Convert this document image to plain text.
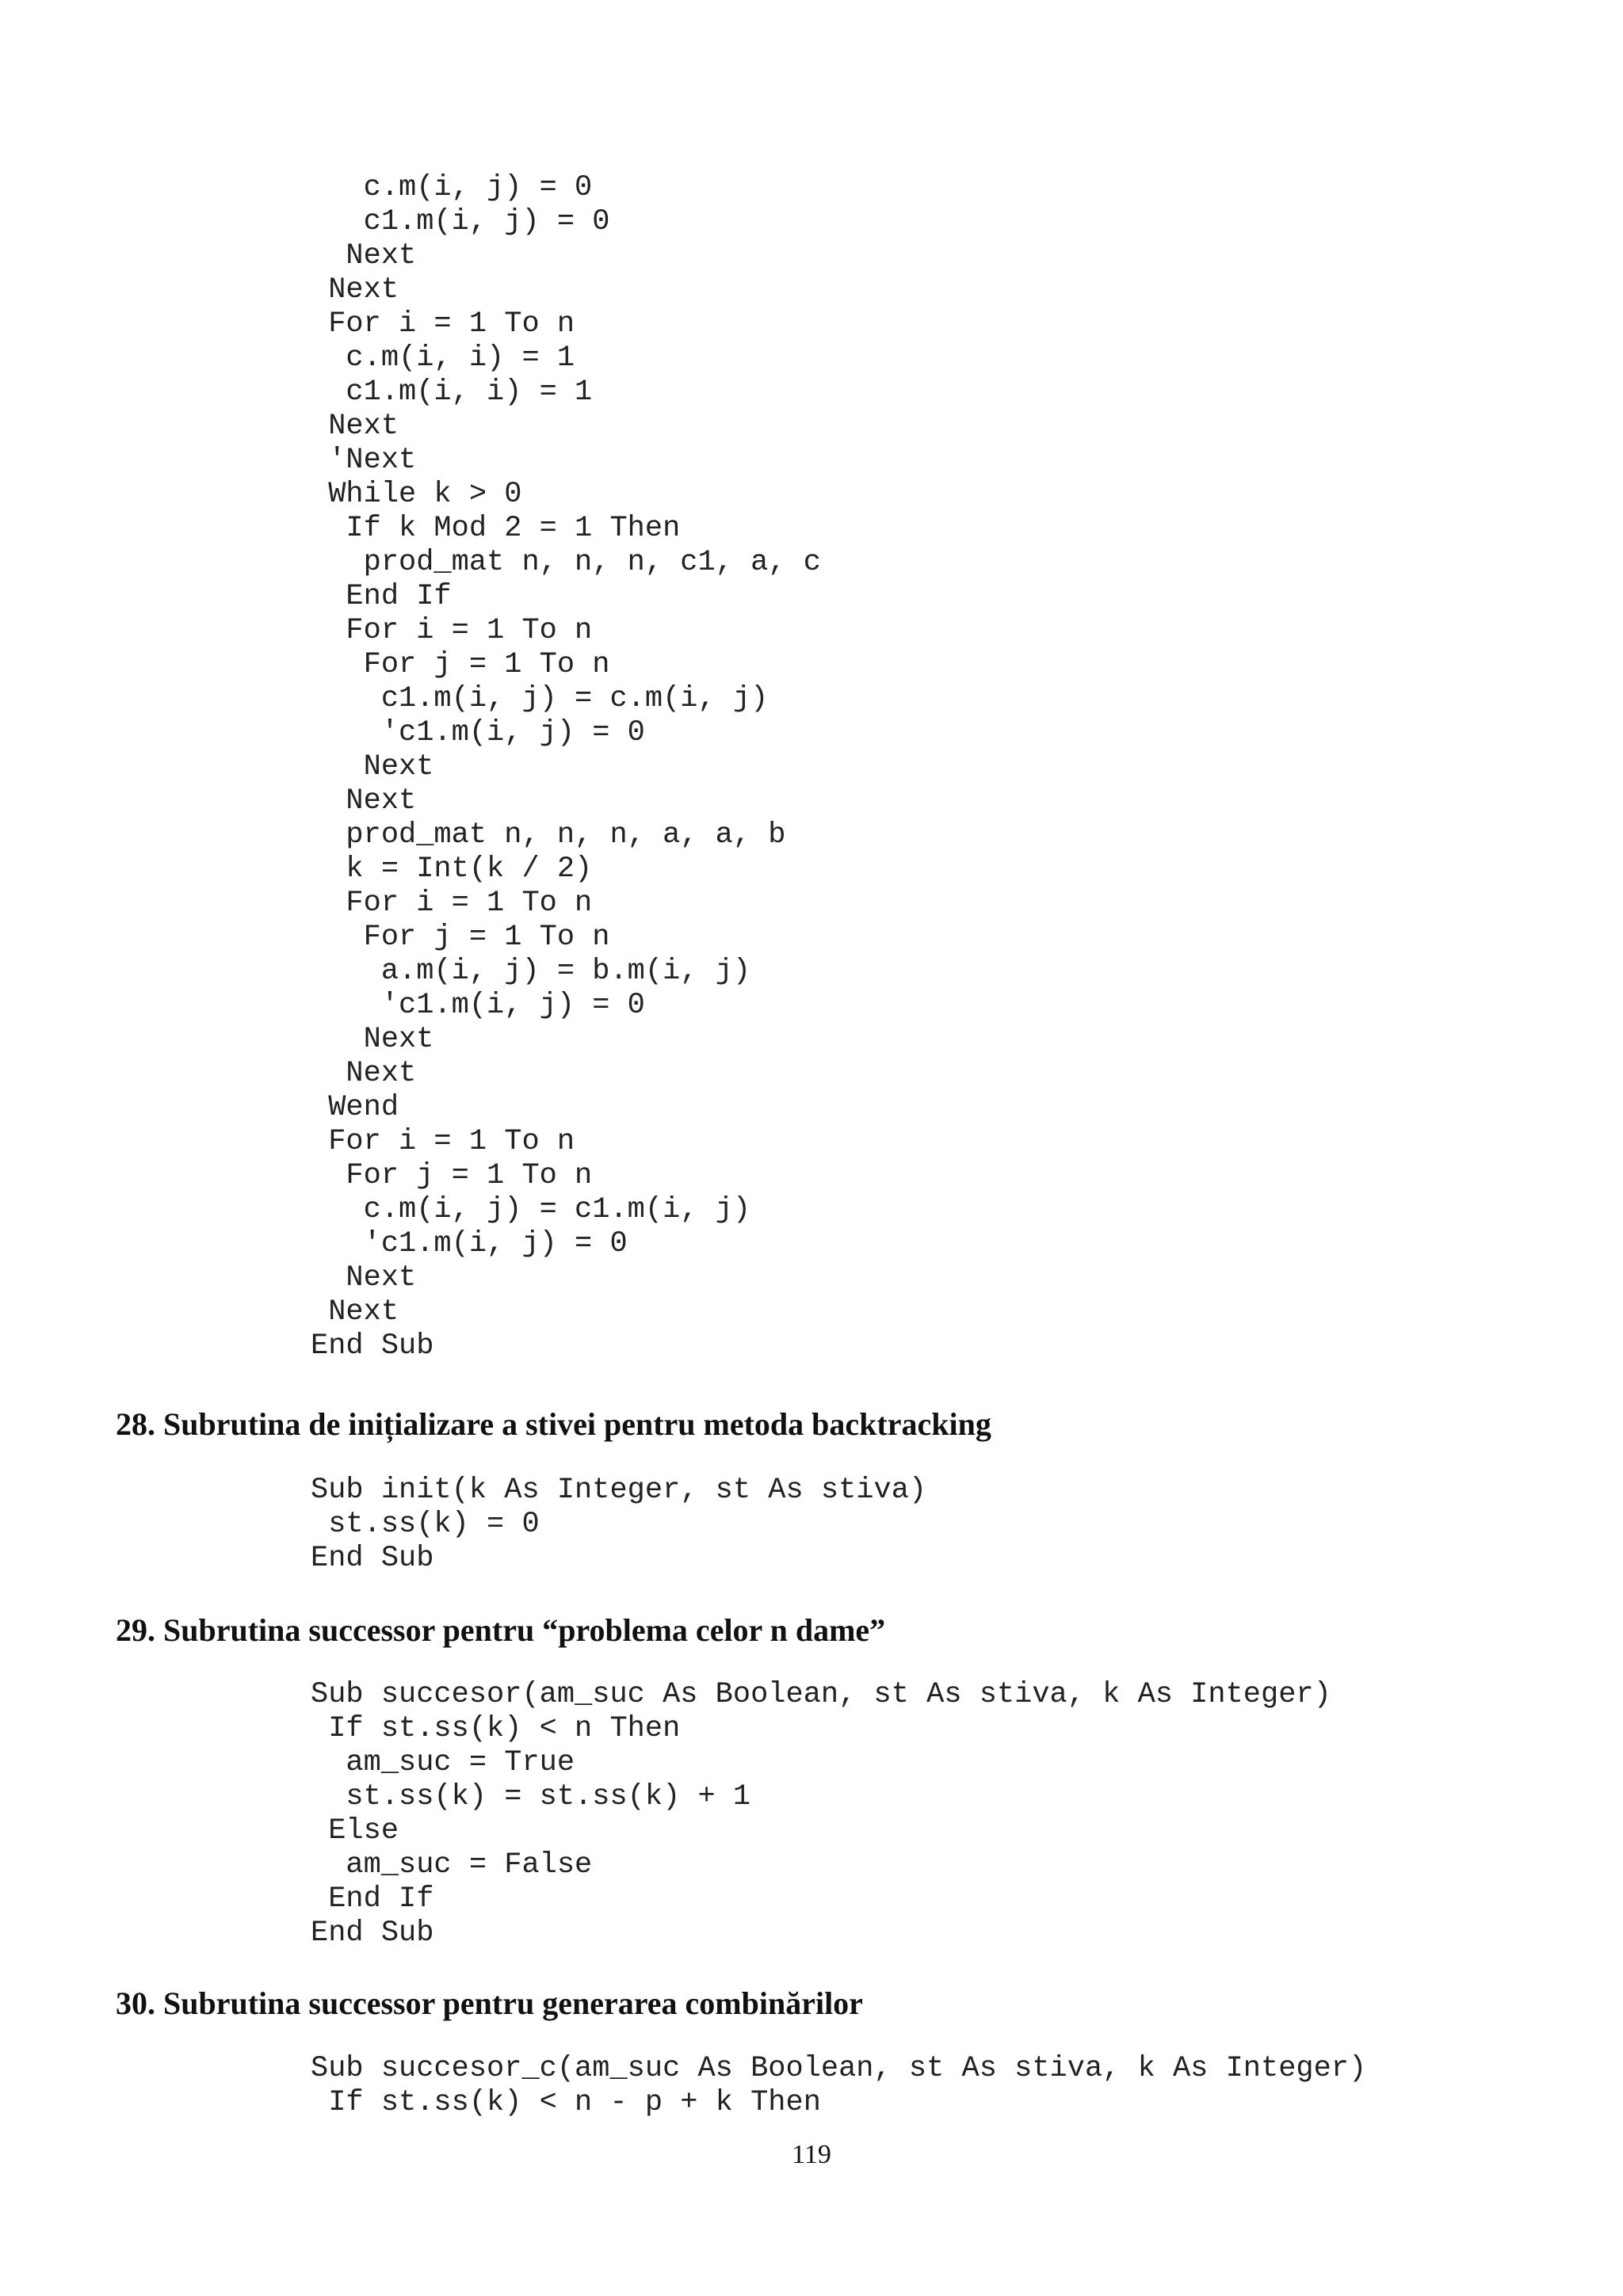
c.m(i, j) = 0
c1.m(i, j) = 0
Next
Next
For i = 1 To n
c.m(i, i) = 1
c1.m(i, i) = 1
Next
'Next
While k > 0
If k Mod 2 = 1 Then
prod_mat n, n, n, c1, a, c
End If
For i = 1 To n
For j = 1 To n
c1.m(i, j) = c.m(i, j)
'c1.m(i, j) = 0
Next
Next
prod_mat n, n, n, a, a, b
k = Int(k / 2)
For i = 1 To n
For j = 1 To n
a.m(i, j) = b.m(i, j)
'c1.m(i, j) = 0
Next
Next
Wend
For i = 1 To n
For j = 1 To n
c.m(i, j) = c1.m(i, j)
'c1.m(i, j) = 0
Next
Next
End Sub
28. Subrutina de inițializare a stivei pentru metoda backtracking
Sub init(k As Integer, st As stiva)
st.ss(k) = 0
End Sub
29. Subrutina successor pentru “problema celor n dame”
Sub succesor(am_suc As Boolean, st As stiva, k As Integer)
If st.ss(k) < n Then
am_suc = True
st.ss(k) = st.ss(k) + 1
Else
am_suc = False
End If
End Sub
30. Subrutina successor pentru generarea combinărilor
Sub succesor_c(am_suc As Boolean, st As stiva, k As Integer)
If st.ss(k) < n - p + k Then
119
